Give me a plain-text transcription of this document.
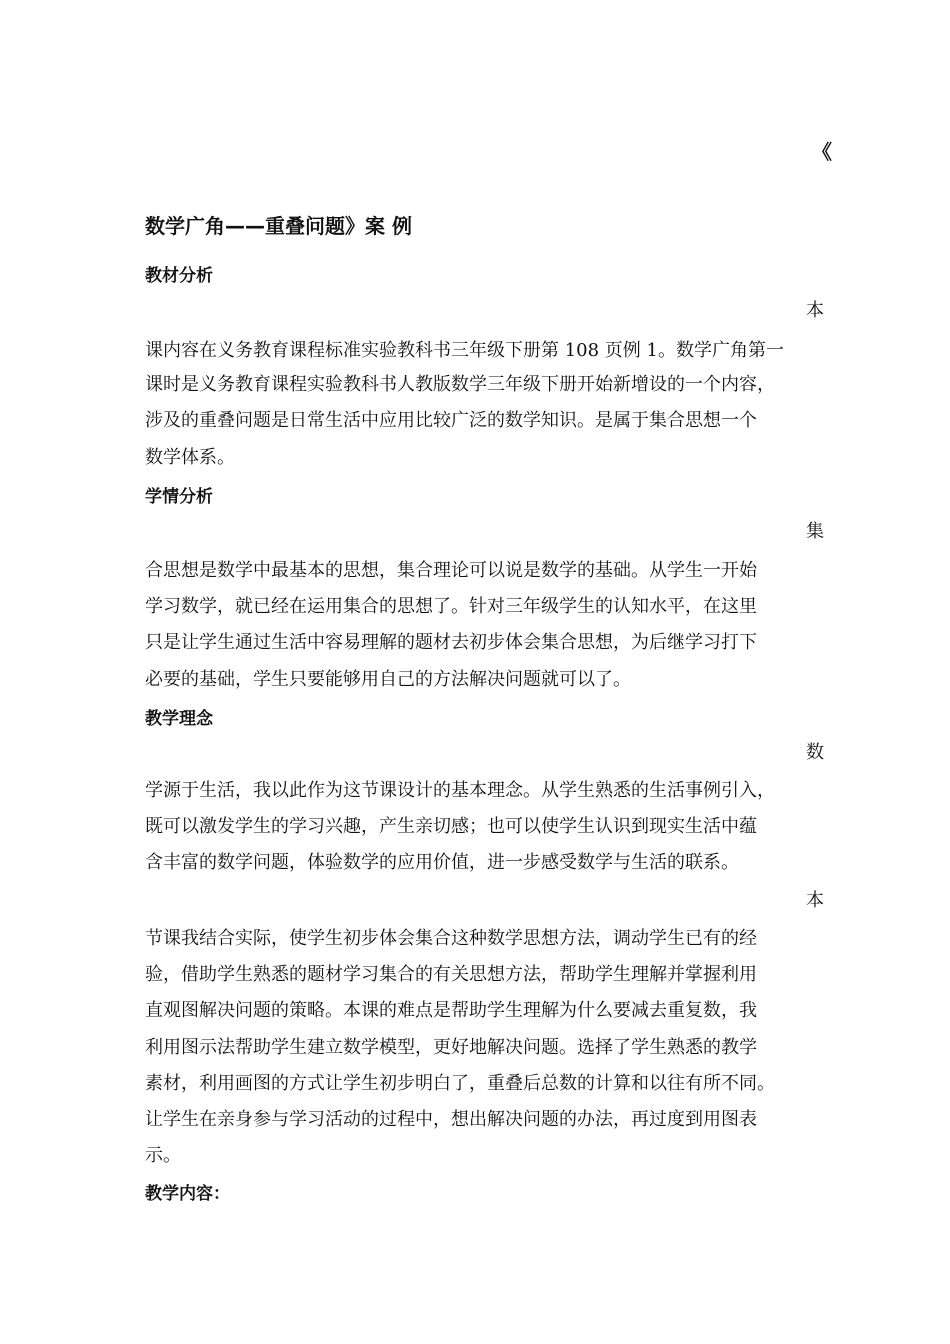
《
数学广角——重叠问题》案 例
教材分析
本
课内容在义务教育课程标准实验教科书三年级下册第 108 页例 1。数学广角第一
课时是义务教育课程实验教科书人教版数学三年级下册开始新增设的一个内容，
涉及的重叠问题是日常生活中应用比较广泛的数学知识。是属于集合思想一个
数学体系。
学情分析
集
合思想是数学中最基本的思想，集合理论可以说是数学的基础。从学生一开始
学习数学，就已经在运用集合的思想了。针对三年级学生的认知水平，在这里
只是让学生通过生活中容易理解的题材去初步体会集合思想，为后继学习打下
必要的基础，学生只要能够用自己的方法解决问题就可以了。
教学理念
数
学源于生活，我以此作为这节课设计的基本理念。从学生熟悉的生活事例引入，
既可以激发学生的学习兴趣，产生亲切感；也可以使学生认识到现实生活中蕴
含丰富的数学问题，体验数学的应用价值，进一步感受数学与生活的联系。
本
节课我结合实际，使学生初步体会集合这种数学思想方法，调动学生已有的经
验，借助学生熟悉的题材学习集合的有关思想方法，帮助学生理解并掌握利用
直观图解决问题的策略。本课的难点是帮助学生理解为什么要减去重复数，我
利用图示法帮助学生建立数学模型，更好地解决问题。选择了学生熟悉的教学
素材，利用画图的方式让学生初步明白了，重叠后总数的计算和以往有所不同。
让学生在亲身参与学习活动的过程中，想出解决问题的办法，再过度到用图表
示。
教学内容：
